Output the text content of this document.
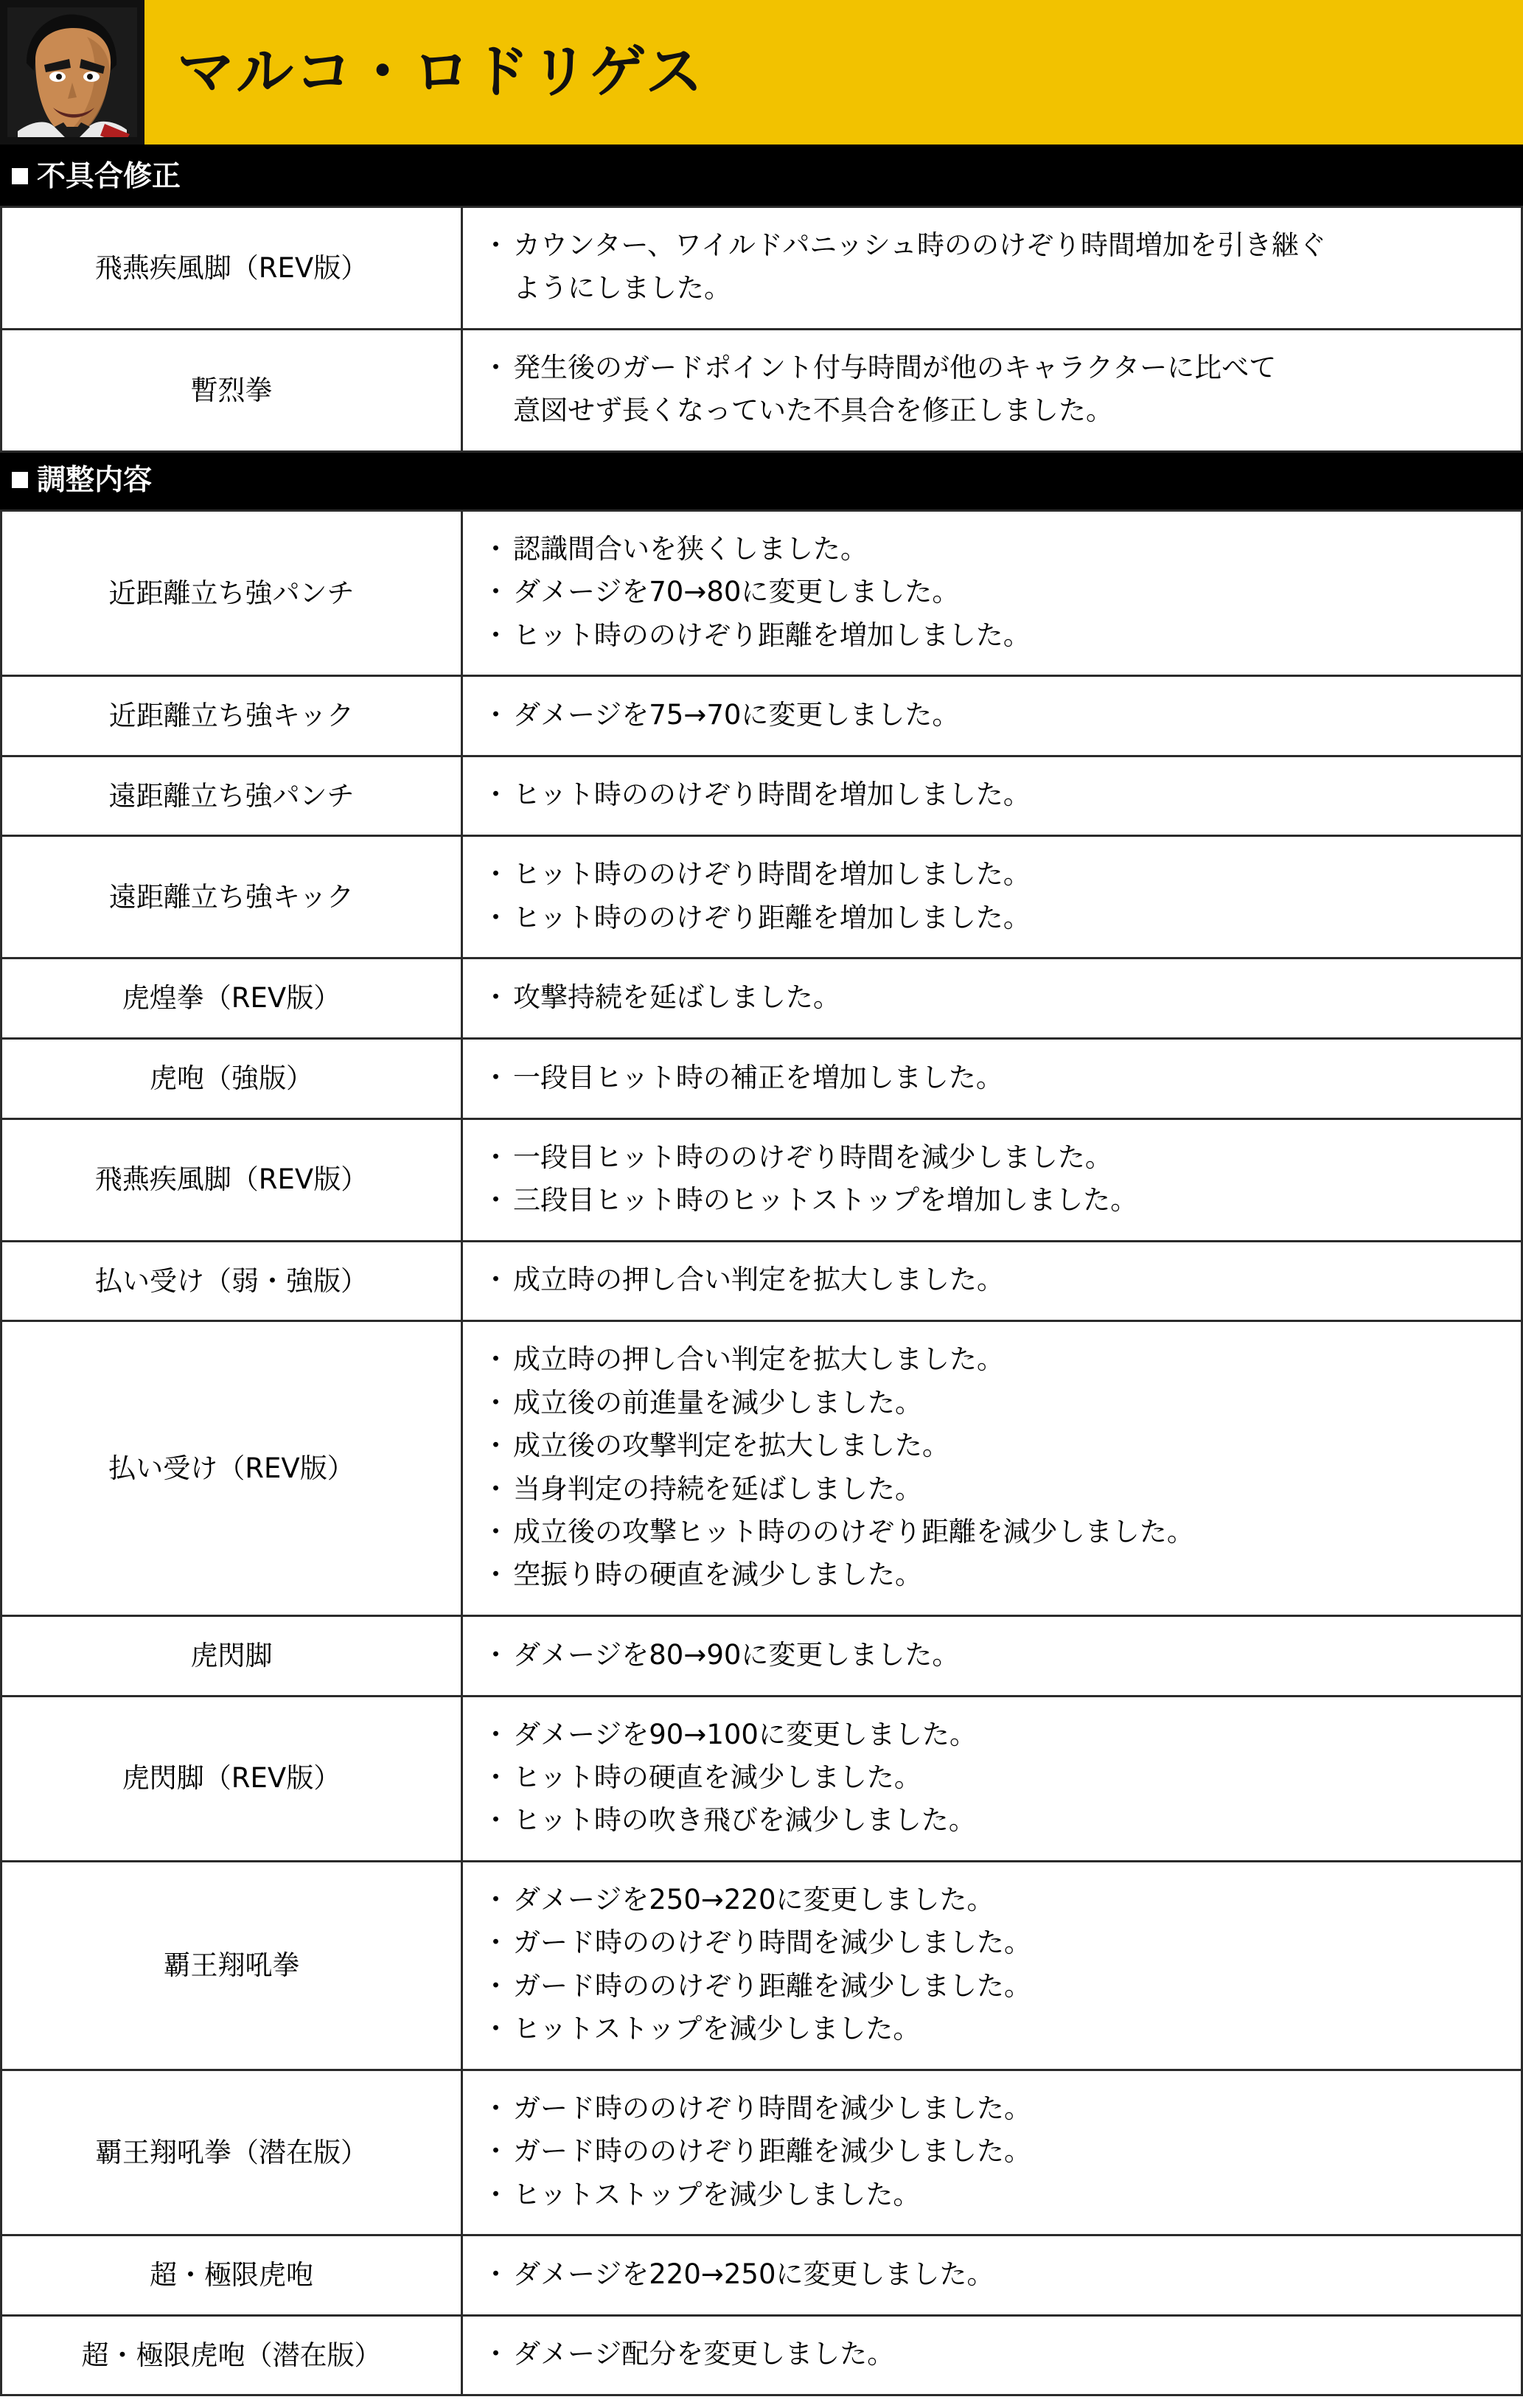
マルコ・ロドリゲス
不具合修正
飛燕疾風脚（REV版）	・ カウンター、ワイルドパニッシュ時ののけぞり時間増加を引き継ぐ
ようにしました。

暫烈拳	・ 発生後のガードポイント付与時間が他のキャラクターに比べて
意図せず長くなっていた不具合を修正しました。
調整内容
近距離立ち強パンチ	・ 認識間合いを狭くしました。
・ ダメージを70→80に変更しました。
・ ヒット時ののけぞり距離を増加しました。

近距離立ち強キック	・ ダメージを75→70に変更しました。

遠距離立ち強パンチ	・ ヒット時ののけぞり時間を増加しました。

遠距離立ち強キック	・ ヒット時ののけぞり時間を増加しました。
・ ヒット時ののけぞり距離を増加しました。

虎煌拳（REV版）	・ 攻撃持続を延ばしました。

虎咆（強版）	・ 一段目ヒット時の補正を増加しました。

飛燕疾風脚（REV版）	・ 一段目ヒット時ののけぞり時間を減少しました。
・ 三段目ヒット時のヒットストップを増加しました。

払い受け（弱・強版）	・ 成立時の押し合い判定を拡大しました。

払い受け（REV版）	
・ 成立時の押し合い判定を拡大しました。
・ 成立後の前進量を減少しました。
・ 成立後の攻撃判定を拡大しました。
・ 当身判定の持続を延ばしました。
・ 成立後の攻撃ヒット時ののけぞり距離を減少しました。
・ 空振り時の硬直を減少しました。

虎閃脚	・ ダメージを80→90に変更しました。

虎閃脚（REV版）	・ ダメージを90→100に変更しました。
・ ヒット時の硬直を減少しました。
・ ヒット時の吹き飛びを減少しました。

覇王翔吼拳	・ ダメージを250→220に変更しました。
・ ガード時ののけぞり時間を減少しました。
・ ガード時ののけぞり距離を減少しました。
・ ヒットストップを減少しました。

覇王翔吼拳（潜在版）	・ ガード時ののけぞり時間を減少しました。
・ ガード時ののけぞり距離を減少しました。
・ ヒットストップを減少しました。

超・極限虎咆	・ ダメージを220→250に変更しました。

超・極限虎咆（潜在版）	・ ダメージ配分を変更しました。
